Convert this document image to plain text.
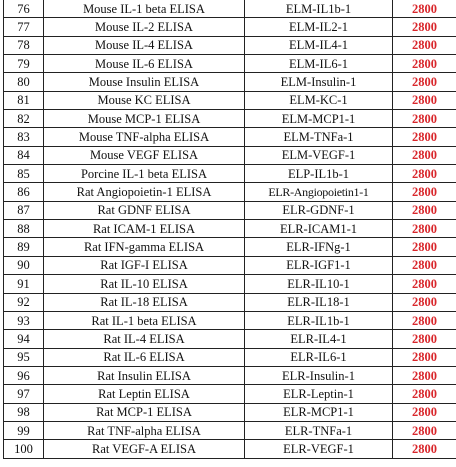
76	Mouse IL-1 beta ELISA	ELM-IL1b-1	2800
77	Mouse IL-2 ELISA	ELM-IL2-1	2800
78	Mouse IL-4 ELISA	ELM-IL4-1	2800
79	Mouse IL-6 ELISA	ELM-IL6-1	2800
80	Mouse Insulin ELISA	ELM-Insulin-1	2800
81	Mouse KC ELISA	ELM-KC-1	2800
82	Mouse MCP-1 ELISA	ELM-MCP1-1	2800
83	Mouse TNF-alpha ELISA	ELM-TNFa-1	2800
84	Mouse VEGF ELISA	ELM-VEGF-1	2800
85	Porcine IL-1 beta ELISA	ELP-IL1b-1	2800
86	Rat Angiopoietin-1 ELISA	ELR-Angiopoietin1-1	2800
87	Rat GDNF ELISA	ELR-GDNF-1	2800
88	Rat ICAM-1 ELISA	ELR-ICAM1-1	2800
89	Rat IFN-gamma ELISA	ELR-IFNg-1	2800
90	Rat IGF-I ELISA	ELR-IGF1-1	2800
91	Rat IL-10 ELISA	ELR-IL10-1	2800
92	Rat IL-18 ELISA	ELR-IL18-1	2800
93	Rat IL-1 beta ELISA	ELR-IL1b-1	2800
94	Rat IL-4 ELISA	ELR-IL4-1	2800
95	Rat IL-6 ELISA	ELR-IL6-1	2800
96	Rat Insulin ELISA	ELR-Insulin-1	2800
97	Rat Leptin ELISA	ELR-Leptin-1	2800
98	Rat MCP-1 ELISA	ELR-MCP1-1	2800
99	Rat TNF-alpha ELISA	ELR-TNFa-1	2800
100	Rat VEGF-A ELISA	ELR-VEGF-1	2800
